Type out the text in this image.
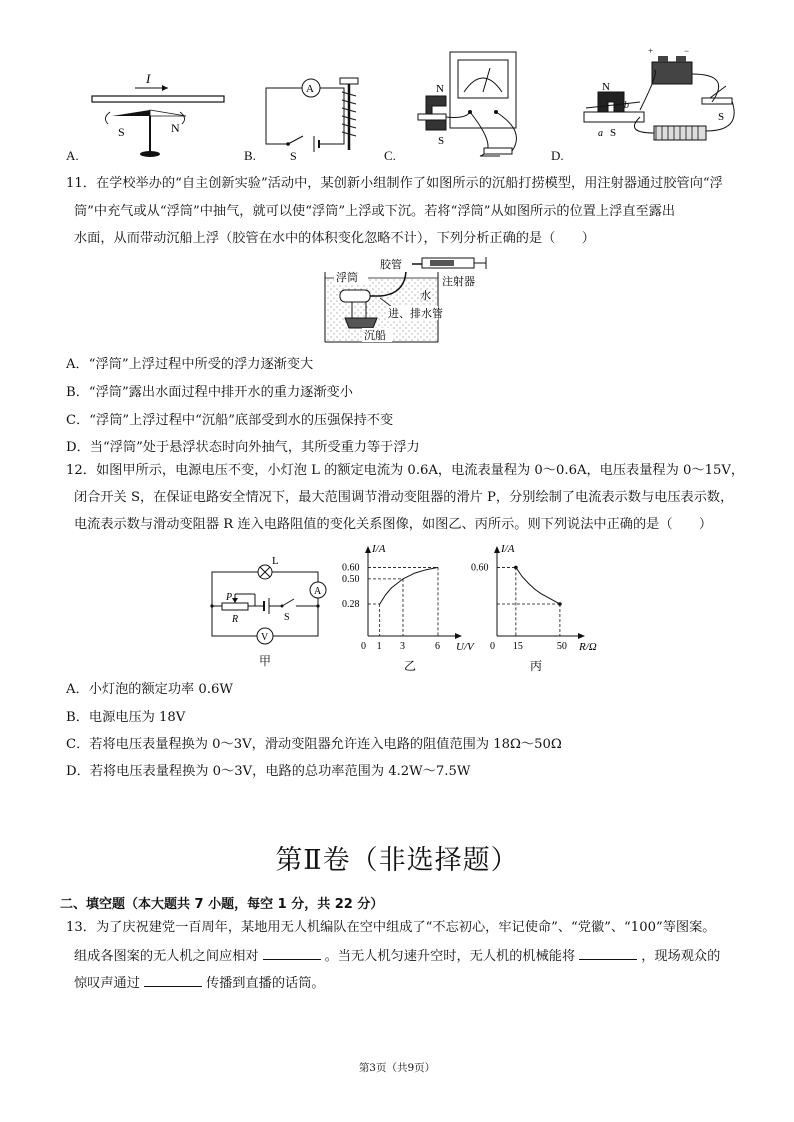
I
S	N
A
S
N
S
N
S
a
b
+	−
S
A.	B.	C.	D.
11．在学校举办的“自主创新实验”活动中，某创新小组制作了如图所示的沉船打捞模型，用注射器通过胶管向“浮
筒”中充气或从“浮筒”中抽气，就可以使“浮筒”上浮或下沉。若将“浮筒”从如图所示的位置上浮直至露出
水面，从而带动沉船上浮（胶管在水中的体积变化忽略不计），下列分析正确的是（　　）
胶管
浮筒
水
注射器
进、排水管
沉船
A．“浮筒”上浮过程中所受的浮力逐渐变大
B．“浮筒”露出水面过程中排开水的重力逐渐变小
C．“浮筒”上浮过程中“沉船”底部受到水的压强保持不变
D．当“浮筒”处于悬浮状态时向外抽气，其所受重力等于浮力
12．如图甲所示，电源电压不变，小灯泡 L 的额定电流为 0.6A，电流表量程为 0～0.6A，电压表量程为 0～15V，
闭合开关 S，在保证电路安全情况下，最大范围调节滑动变阻器的滑片 P，分别绘制了电流表示数与电压表示数，
电流表示数与滑动变阻器 R 连入电路阻值的变化关系图像，如图乙、丙所示。则下列说法中正确的是（　　）
L
A
V
P
R	S
甲
I/A
U/V
0 1 3	6
0.28
0.50
0.60
乙
I/A
R/Ω
0 15	50
0.60
丙
A．小灯泡的额定功率 0.6W
B．电源电压为 18V
C．若将电压表量程换为 0～3V，滑动变阻器允许连入电路的阻值范围为 18Ω～50Ω
D．若将电压表量程换为 0～3V，电路的总功率范围为 4.2W～7.5W
第Ⅱ卷（非选择题）
二、填空题（本大题共 7 小题，每空 1 分，共 22 分）
13．为了庆祝建党一百周年，某地用无人机编队在空中组成了“不忘初心，牢记使命”、“党徽”、“100”等图案。
组成各图案的无人机之间应相对	。当无人机匀速升空时，无人机的机械能将	，现场观众的
惊叹声通过	传播到直播的话筒。
第3页（共9页）
